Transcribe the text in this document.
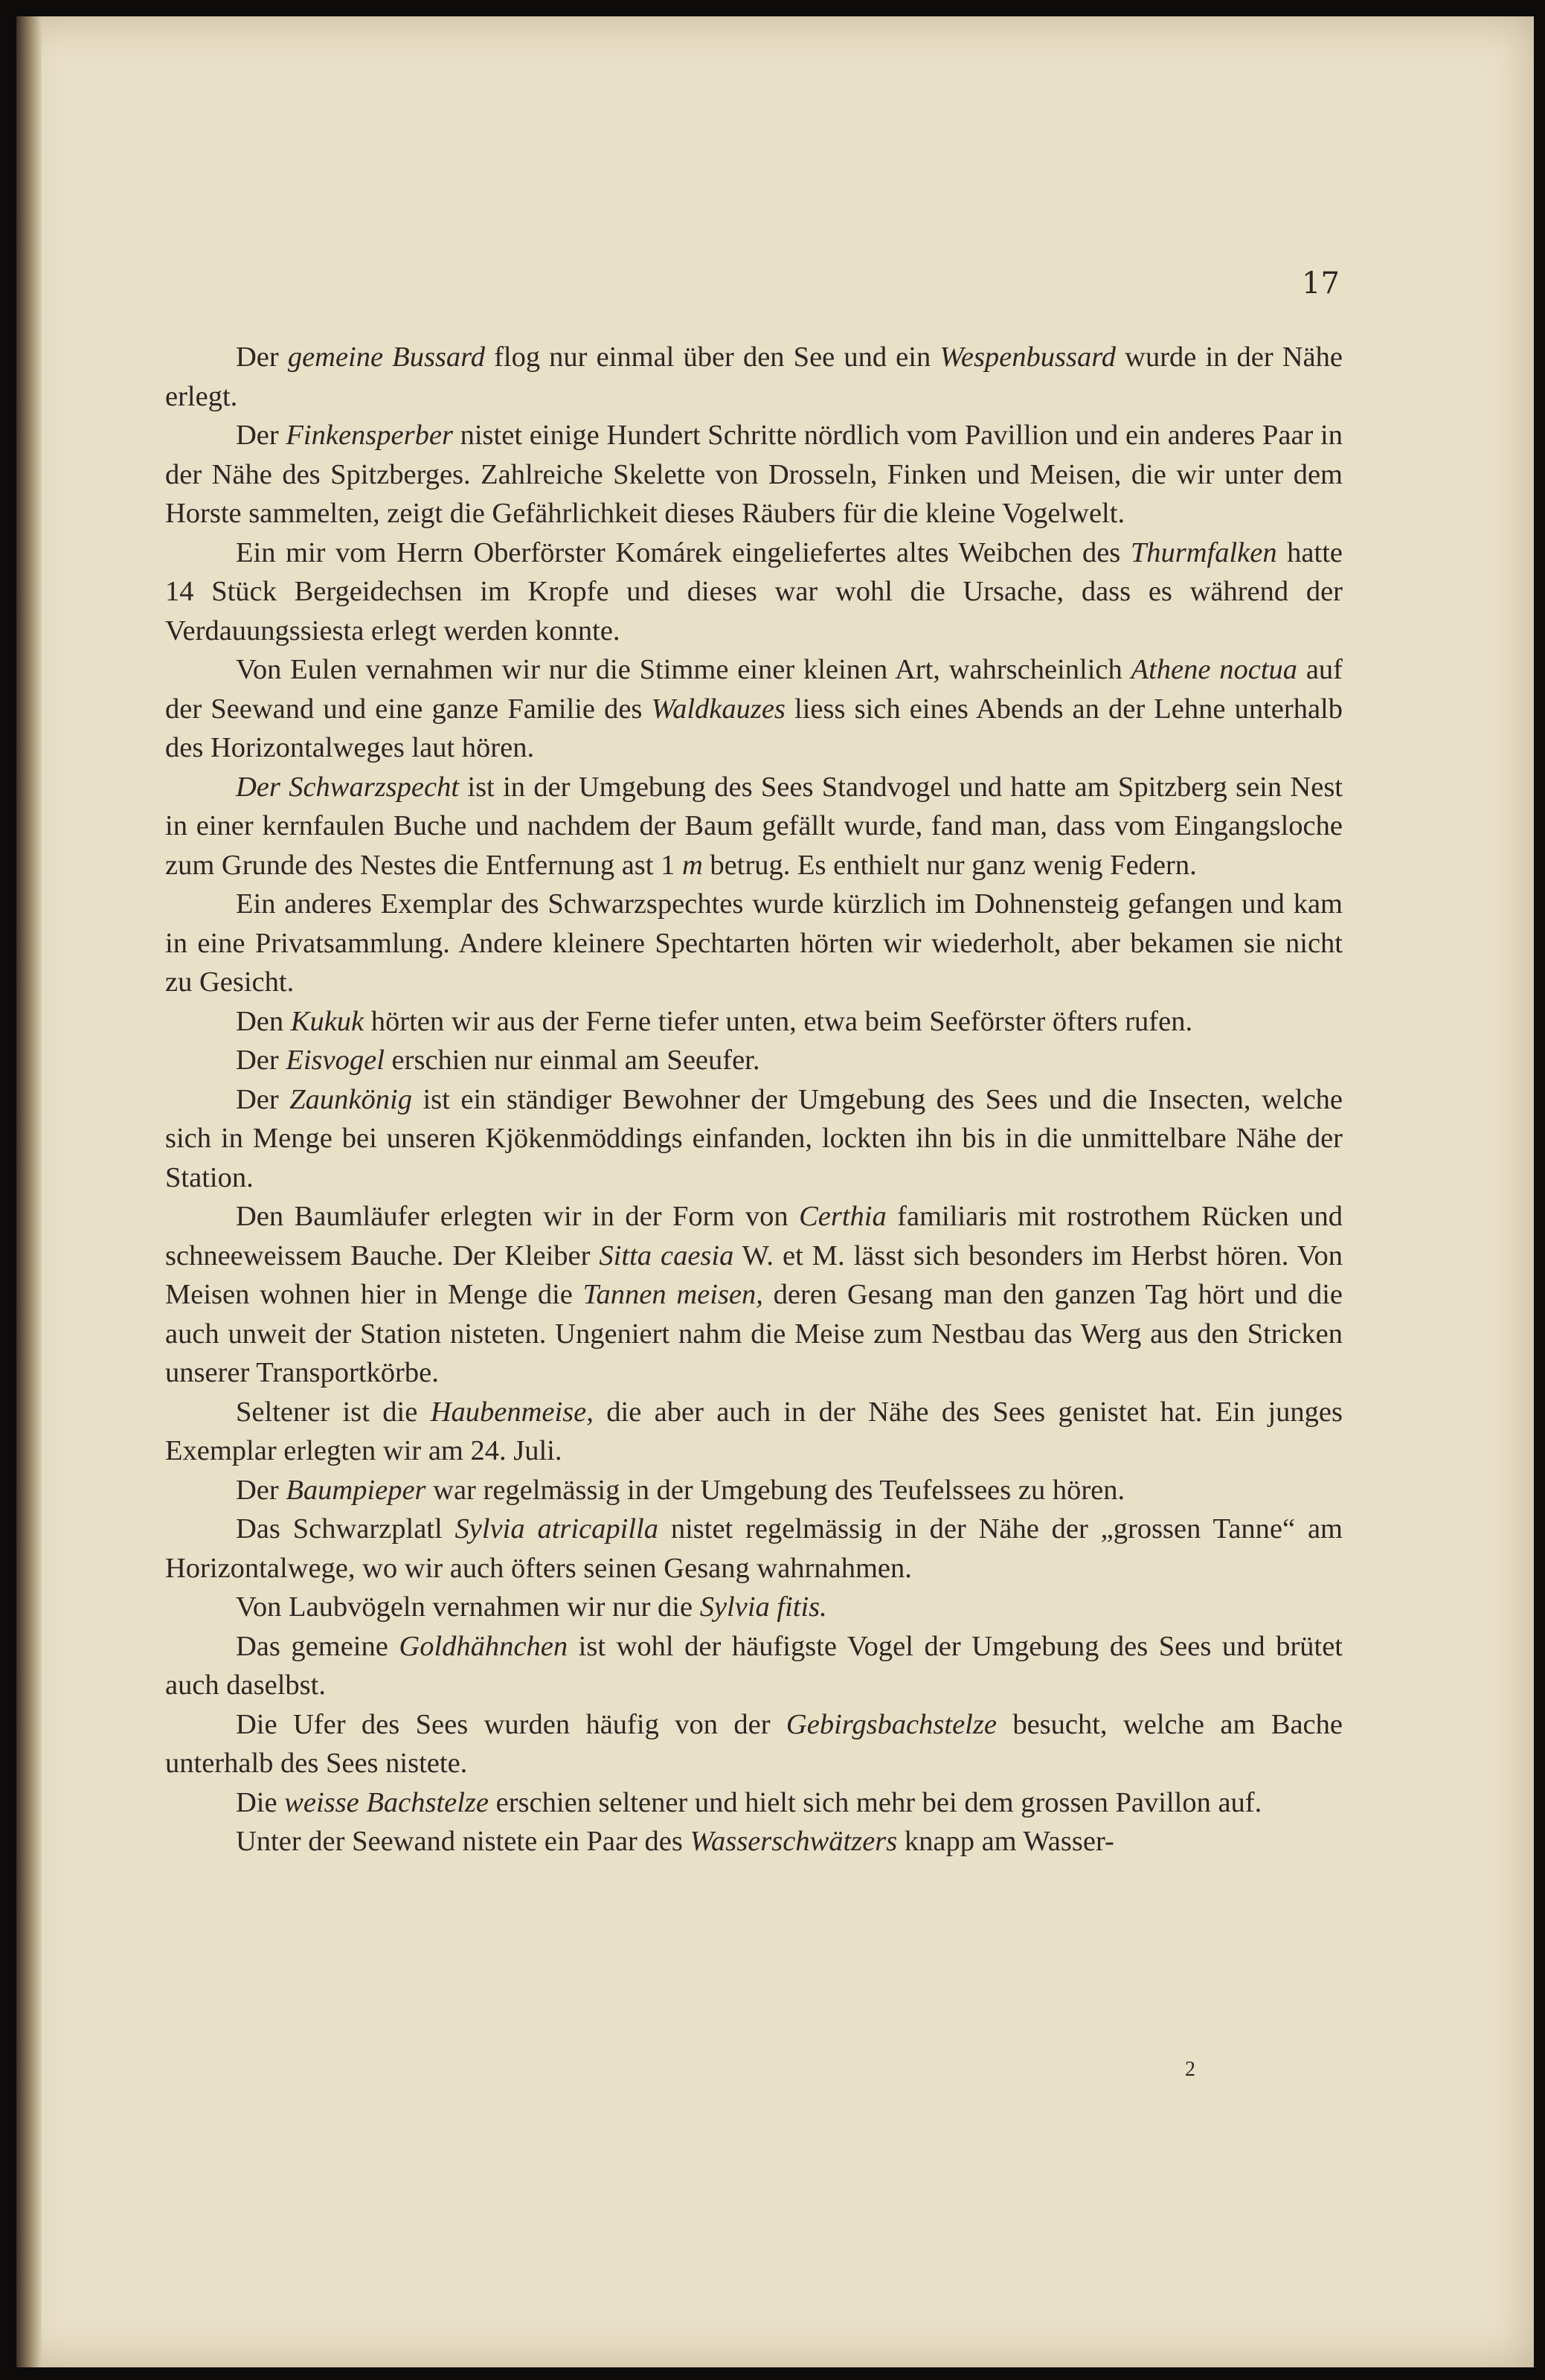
17

Der gemeine Bussard flog nur einmal über den See und ein Wespenbussard wurde in der Nähe erlegt.

Der Finkensperber nistet einige Hundert Schritte nördlich vom Pavillion und ein anderes Paar in der Nähe des Spitzberges. Zahlreiche Skelette von Drosseln, Finken und Meisen, die wir unter dem Horste sammelten, zeigt die Gefährlichkeit dieses Räubers für die kleine Vogelwelt.

Ein mir vom Herrn Oberförster Komárek eingeliefertes altes Weibchen des Thurmfalken hatte 14 Stück Bergeidechsen im Kropfe und dieses war wohl die Ursache, dass es während der Verdauungssiesta erlegt werden konnte.

Von Eulen vernahmen wir nur die Stimme einer kleinen Art, wahrscheinlich Athene noctua auf der Seewand und eine ganze Familie des Waldkauzes liess sich eines Abends an der Lehne unterhalb des Horizontalweges laut hören.

Der Schwarzspecht ist in der Umgebung des Sees Standvogel und hatte am Spitzberg sein Nest in einer kernfaulen Buche und nachdem der Baum gefällt wurde, fand man, dass vom Eingangsloche zum Grunde des Nestes die Entfernung ast 1 m betrug. Es enthielt nur ganz wenig Federn.

Ein anderes Exemplar des Schwarzspechtes wurde kürzlich im Dohnensteig gefangen und kam in eine Privatsammlung. Andere kleinere Spechtarten hörten wir wiederholt, aber bekamen sie nicht zu Gesicht.

Den Kukuk hörten wir aus der Ferne tiefer unten, etwa beim Seeförster öfters rufen.

Der Eisvogel erschien nur einmal am Seeufer.

Der Zaunkönig ist ein ständiger Bewohner der Umgebung des Sees und die Insecten, welche sich in Menge bei unseren Kjökenmöddings einfanden, lockten ihn bis in die unmittelbare Nähe der Station.

Den Baumläufer erlegten wir in der Form von Certhia familiaris mit rostrothem Rücken und schneeweissem Bauche. Der Kleiber Sitta caesia W. et M. lässt sich besonders im Herbst hören. Von Meisen wohnen hier in Menge die Tannen meisen, deren Gesang man den ganzen Tag hört und die auch unweit der Station nisteten. Ungeniert nahm die Meise zum Nestbau das Werg aus den Stricken unserer Transportkörbe.

Seltener ist die Haubenmeise, die aber auch in der Nähe des Sees genistet hat. Ein junges Exemplar erlegten wir am 24. Juli.

Der Baumpieper war regelmässig in der Umgebung des Teufelssees zu hören.

Das Schwarzplatl Sylvia atricapilla nistet regelmässig in der Nähe der „grossen Tanne“ am Horizontalwege, wo wir auch öfters seinen Gesang wahrnahmen.

Von Laubvögeln vernahmen wir nur die Sylvia fitis.

Das gemeine Goldhähnchen ist wohl der häufigste Vogel der Umgebung des Sees und brütet auch daselbst.

Die Ufer des Sees wurden häufig von der Gebirgsbachstelze besucht, welche am Bache unterhalb des Sees nistete.

Die weisse Bachstelze erschien seltener und hielt sich mehr bei dem grossen Pavillon auf.

Unter der Seewand nistete ein Paar des Wasserschwätzers knapp am Wasser-

2
